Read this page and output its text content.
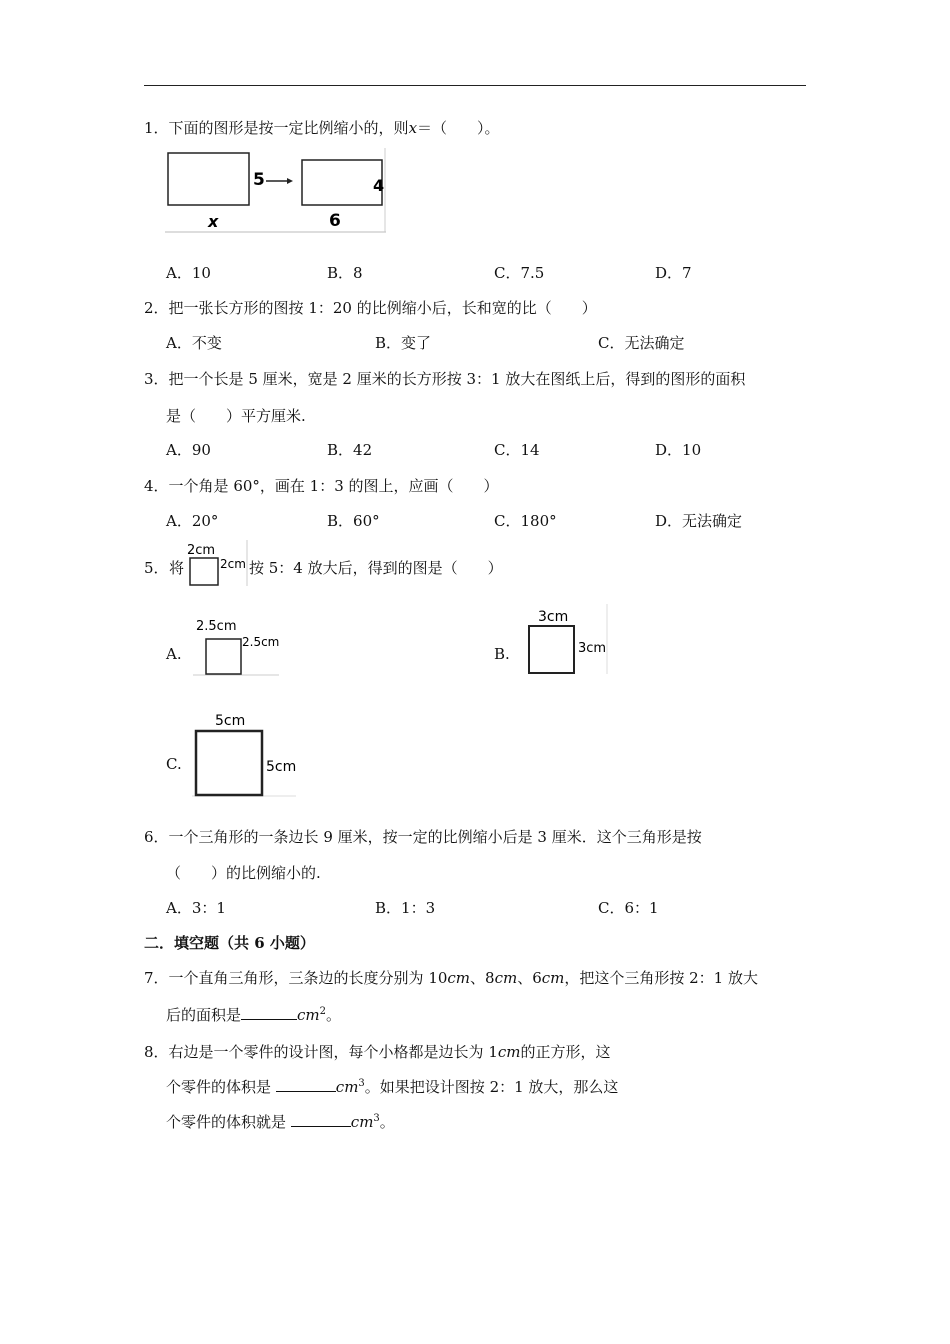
1．下面的图形是按一定比例缩小的，则x＝（　　）。
5	4
x	6
A．10	B．8	C．7.5	D．7
2．把一张长方形的图按 1：20 的比例缩小后，长和宽的比（　　）
A．不变	B．变了	C．无法确定
3．把一个长是 5 厘米，宽是 2 厘米的长方形按 3：1 放大在图纸上后，得到的图形的面积
是（　　）平方厘米.
A．90	B．42	C．14	D．10
4．一个角是 60°，画在 1：3 的图上，应画（　　）
A．20°	B．60°	C．180°	D．无法确定
5． 将
2cm
2cm 按 5：4 放大后，得到的图是（　　）
A.
2.5cm
2.5cm
B.
3cm
3cm
C.
5cm
5cm
6．一个三角形的一条边长 9 厘米，按一定的比例缩小后是 3 厘米．这个三角形是按
（　　）的比例缩小的.
A．3：1	B．1：3	C．6：1
二．填空题（共 6 小题）
7．一个直角三角形，三条边的长度分别为 10cm、8cm、6cm，把这个三角形按 2：1 放大
后的面积是	$cm^2$。
8．右边是一个零件的设计图，每个小格都是边长为 1cm的正方形，这
个零件的体积是	$cm^3$。如果把设计图按 2：1 放大，那么这
个零件的体积就是	$cm^3$。
